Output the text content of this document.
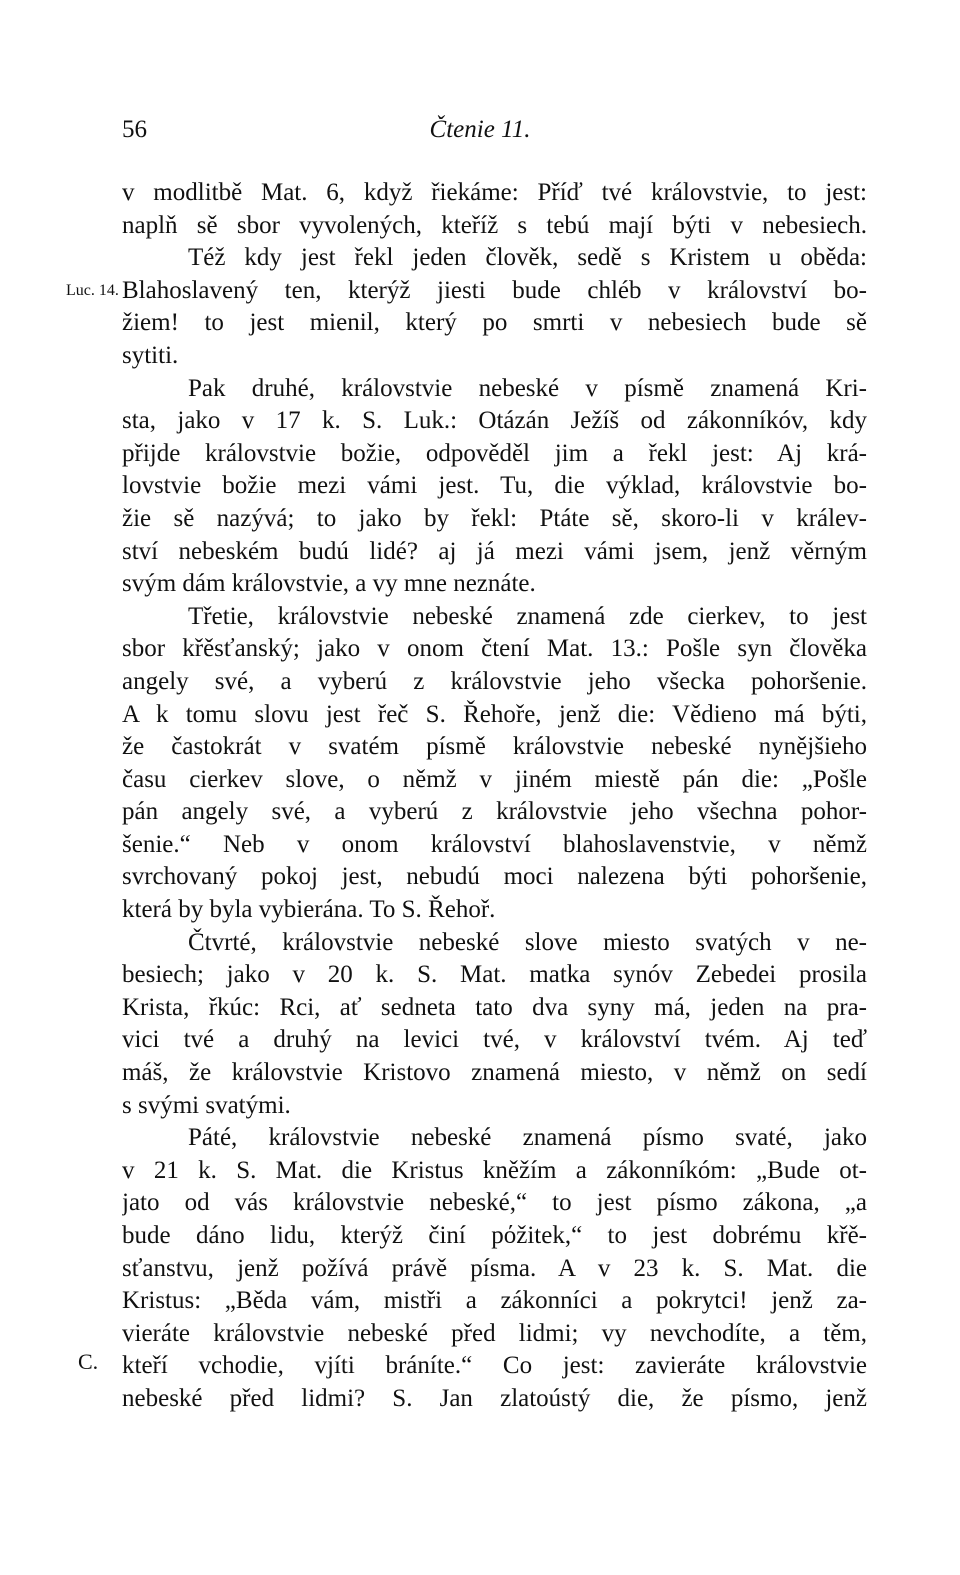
56	Čtenie 11.
Luc. 14.
C.
v modlitbě Mat. 6, když řiekáme: Příď tvé královstvie, to jest:
naplň sě sbor vyvolených, kteříž s tebú mají býti v nebesiech.
Též kdy jest řekl jeden člověk, sedě s Kristem u oběda:
Blahoslavený ten, kterýž jiesti bude chléb v království bo-
žiem! to jest mienil, který po smrti v nebesiech bude sě
sytiti.
Pak druhé, královstvie nebeské v písmě znamená Kri-
sta, jako v 17 k. S. Luk.: Otázán Ježíš od zákonníkóv, kdy
přijde královstvie božie, odpověděl jim a řekl jest: Aj krá-
lovstvie božie mezi vámi jest. Tu, die výklad, královstvie bo-
žie sě nazývá; to jako by řekl: Ptáte sě, skoro-li v králev-
ství nebeském budú lidé? aj já mezi vámi jsem, jenž věrným
svým dám královstvie, a vy mne neznáte.
Třetie, královstvie nebeské znamená zde cierkev, to jest
sbor křěsťanský; jako v onom čtení Mat. 13.: Pošle syn člověka
angely své, a vyberú z královstvie jeho všecka pohoršenie.
A k tomu slovu jest řeč S. Řehoře, jenž die: Vědieno má býti,
že častokrát v svatém písmě královstvie nebeské nynějšieho
času cierkev slove, o němž v jiném miestě pán die: „Pošle
pán angely své, a vyberú z královstvie jeho všechna pohor-
šenie.“ Neb v onom království blahoslavenstvie, v němž
svrchovaný pokoj jest, nebudú moci nalezena býti pohoršenie,
která by byla vybierána. To S. Řehoř.
Čtvrté, královstvie nebeské slove miesto svatých v ne-
besiech; jako v 20 k. S. Mat. matka synóv Zebedei prosila
Krista, řkúc: Rci, ať sedneta tato dva syny má, jeden na pra-
vici tvé a druhý na levici tvé, v království tvém. Aj teď
máš, že královstvie Kristovo znamená miesto, v němž on sedí
s svými svatými.
Páté, královstvie nebeské znamená písmo svaté, jako
v 21 k. S. Mat. die Kristus kněžím a zákonníkóm: „Bude ot-
jato od vás královstvie nebeské,“ to jest písmo zákona, „a
bude dáno lidu, kterýž činí pόžitek,“ to jest dobrému křě-
sťanstvu, jenž požívá právě písma. A v 23 k. S. Mat. die
Kristus: „Běda vám, mistři a zákonníci a pokrytci! jenž za-
vieráte královstvie nebeské před lidmi; vy nevchodíte, a těm,
kteří vchodie, vjíti bráníte.“ Co jest: zavieráte královstvie
nebeské před lidmi? S. Jan zlatoústý die, že písmo, jenž
